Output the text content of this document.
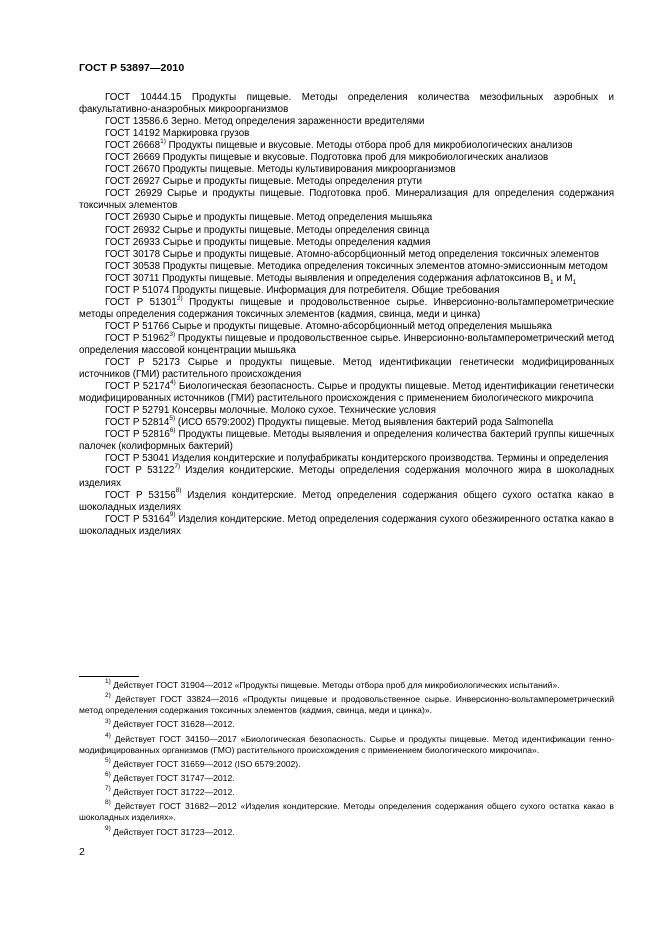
ГОСТ Р 53897—2010

ГОСТ 10444.15 Продукты пищевые. Методы определения количества мезофильных аэробных и факультативно-анаэробных микроорганизмов

ГОСТ 13586.6 Зерно. Метод определения зараженности вредителями

ГОСТ 14192 Маркировка грузов

ГОСТ 26668$^{1)}$ Продукты пищевые и вкусовые. Методы отбора проб для микробиологических анализов

ГОСТ 26669 Продукты пищевые и вкусовые. Подготовка проб для микробиологических анализов

ГОСТ 26670 Продукты пищевые. Методы культивирования микроорганизмов

ГОСТ 26927 Сырье и продукты пищевые. Методы определения ртути

ГОСТ 26929 Сырье и продукты пищевые. Подготовка проб. Минерализация для определения содержания токсичных элементов

ГОСТ 26930 Сырье и продукты пищевые. Метод определения мышьяка

ГОСТ 26932 Сырье и продукты пищевые. Методы определения свинца

ГОСТ 26933 Сырье и продукты пищевые. Методы определения кадмия

ГОСТ 30178 Сырье и продукты пищевые. Атомно-абсорбционный метод определения токсичных элементов

ГОСТ 30538 Продукты пищевые. Методика определения токсичных элементов атомно-эмиссионным методом

ГОСТ 30711 Продукты пищевые. Методы выявления и определения содержания афлатоксинов $В_1$ и $М_1$

ГОСТ Р 51074 Продукты пищевые. Информация для потребителя. Общие требования

ГОСТ Р 51301$^{2)}$ Продукты пищевые и продовольственное сырье. Инверсионно-вольтамперометрические методы определения содержания токсичных элементов (кадмия, свинца, меди и цинка)

ГОСТ Р 51766 Сырье и продукты пищевые. Атомно-абсорбционный метод определения мышьяка

ГОСТ Р 51962$^{3)}$ Продукты пищевые и продовольственное сырье. Инверсионно-вольтамперометрический метод определения массовой концентрации мышьяка

ГОСТ Р 52173 Сырье и продукты пищевые. Метод идентификации генетически модифицированных источников (ГМИ) растительного происхождения

ГОСТ Р 52174$^{4)}$ Биологическая безопасность. Сырье и продукты пищевые. Метод идентификации генетически модифицированных источников (ГМИ) растительного происхождения с применением биологического микрочипа

ГОСТ Р 52791 Консервы молочные. Молоко сухое. Технические условия

ГОСТ Р 52814$^{5)}$ (ИСО 6579:2002) Продукты пищевые. Метод выявления бактерий рода Salmonella

ГОСТ Р 52816$^{6)}$ Продукты пищевые. Методы выявления и определения количества бактерий группы кишечных палочек (колиформных бактерий)

ГОСТ Р 53041 Изделия кондитерские и полуфабрикаты кондитерского производства. Термины и определения

ГОСТ Р 53122$^{7)}$ Изделия кондитерские. Методы определения содержания молочного жира в шоколадных изделиях

ГОСТ Р 53156$^{8)}$ Изделия кондитерские. Метод определения содержания общего сухого остатка какао в шоколадных изделиях

ГОСТ Р 53164$^{9)}$ Изделия кондитерские. Метод определения содержания сухого обезжиренного остатка какао в шоколадных изделиях

$^{1)}$ Действует ГОСТ 31904—2012 «Продукты пищевые. Методы отбора проб для микробиологических испытаний».

$^{2)}$ Действует ГОСТ 33824—2016 «Продукты пищевые и продовольственное сырье. Инверсионно-вольтамперометрический метод определения содержания токсичных элементов (кадмия, свинца, меди и цинка)».

$^{3)}$ Действует ГОСТ 31628—2012.

$^{4)}$ Действует ГОСТ 34150—2017 «Биологическая безопасность. Сырье и продукты пищевые. Метод идентификации генно-модифицированных организмов (ГМО) растительного происхождения с применением биологического микрочипа».

$^{5)}$ Действует ГОСТ 31659—2012 (ISO 6579:2002).

$^{6)}$ Действует ГОСТ 31747—2012.

$^{7)}$ Действует ГОСТ 31722—2012.

$^{8)}$ Действует ГОСТ 31682—2012 «Изделия кондитерские. Методы определения содержания общего сухого остатка какао в шоколадных изделиях».

$^{9)}$ Действует ГОСТ 31723—2012.

2
